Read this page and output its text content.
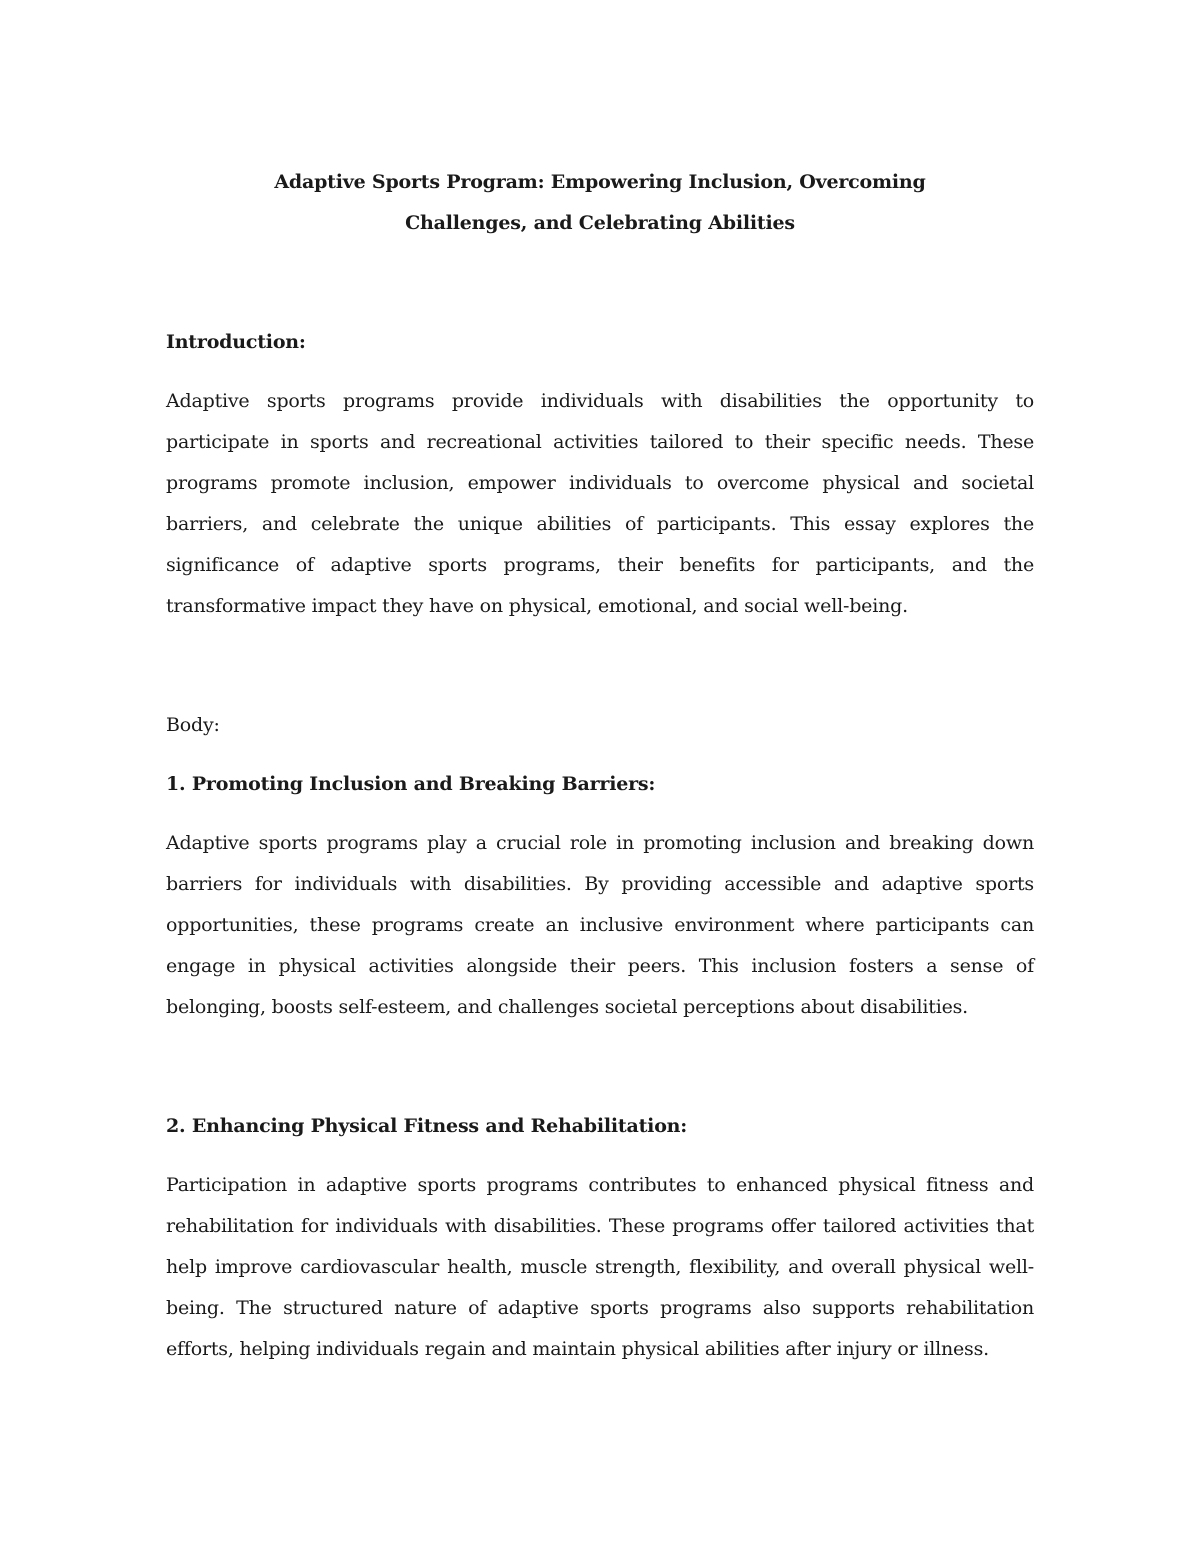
Adaptive Sports Program: Empowering Inclusion, Overcoming Challenges, and Celebrating Abilities
Introduction:

Adaptive sports programs provide individuals with disabilities the opportunity to participate in sports and recreational activities tailored to their specific needs. These programs promote inclusion, empower individuals to overcome physical and societal barriers, and celebrate the unique abilities of participants. This essay explores the significance of adaptive sports programs, their benefits for participants, and the transformative impact they have on physical, emotional, and social well-being.

Body:

1. Promoting Inclusion and Breaking Barriers:

Adaptive sports programs play a crucial role in promoting inclusion and breaking down barriers for individuals with disabilities. By providing accessible and adaptive sports opportunities, these programs create an inclusive environment where participants can engage in physical activities alongside their peers. This inclusion fosters a sense of belonging, boosts self-esteem, and challenges societal perceptions about disabilities.

2. Enhancing Physical Fitness and Rehabilitation:

Participation in adaptive sports programs contributes to enhanced physical fitness and rehabilitation for individuals with disabilities. These programs offer tailored activities that help improve cardiovascular health, muscle strength, flexibility, and overall physical well-being. The structured nature of adaptive sports programs also supports rehabilitation efforts, helping individuals regain and maintain physical abilities after injury or illness.
